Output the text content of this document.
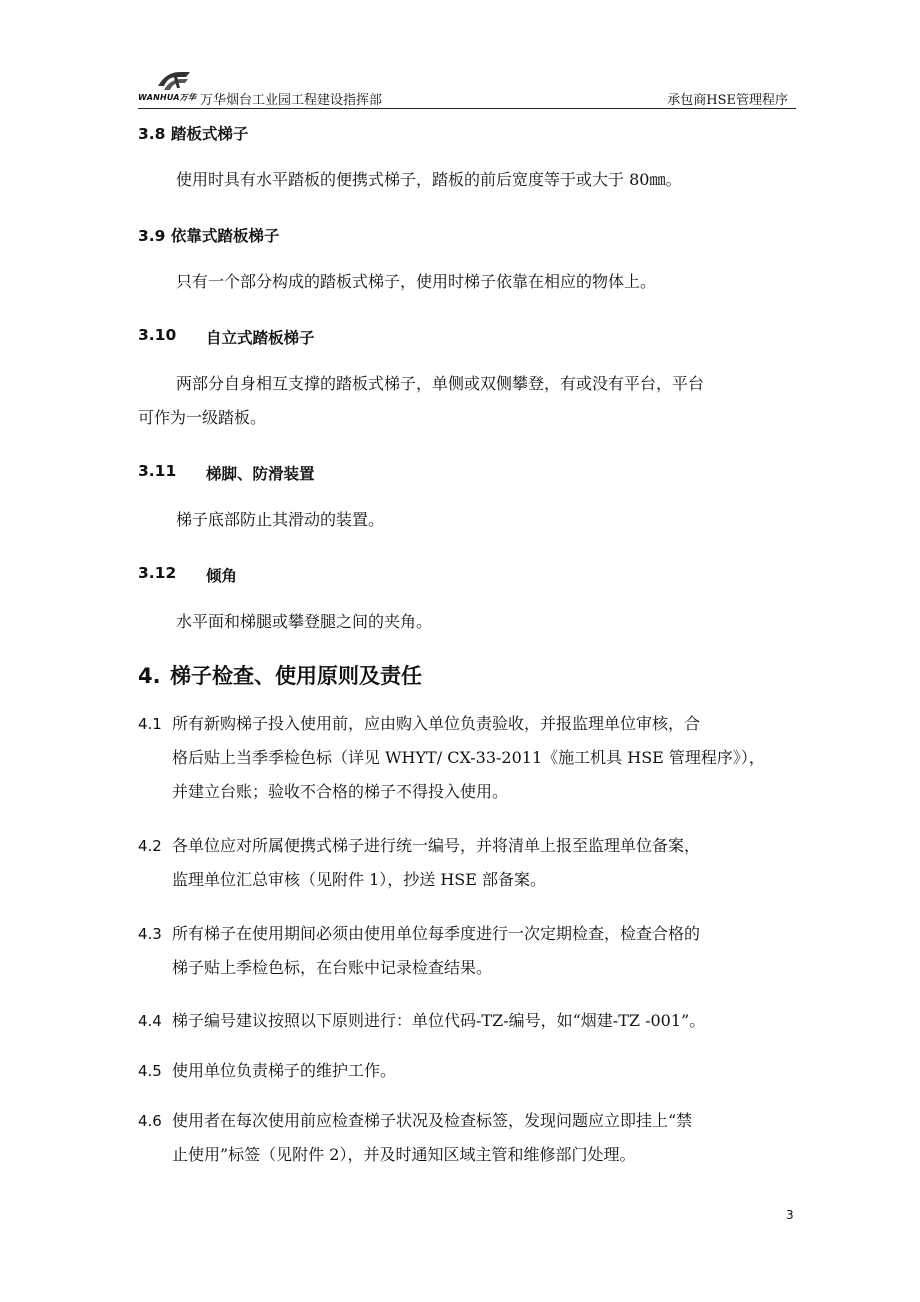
WANHUA万华 万华烟台工业园工程建设指挥部	承包商HSE管理程序
3.8 踏板式梯子
使用时具有水平踏板的便携式梯子，踏板的前后宽度等于或大于 80㎜。
3.9 依靠式踏板梯子
只有一个部分构成的踏板式梯子，使用时梯子依靠在相应的物体上。
3.10 自立式踏板梯子
两部分自身相互支撑的踏板式梯子，单侧或双侧攀登，有或没有平台，平台
可作为一级踏板。
3.11 梯脚、防滑装置
梯子底部防止其滑动的装置。
3.12 倾角
水平面和梯腿或攀登腿之间的夹角。
4. 梯子检查、使用原则及责任
4.1 所有新购梯子投入使用前，应由购入单位负责验收，并报监理单位审核，合
格后贴上当季季检色标（详见 WHYT/ CX-33-2011《施工机具 HSE 管理程序》），
并建立台账；验收不合格的梯子不得投入使用。
4.2 各单位应对所属便携式梯子进行统一编号，并将清单上报至监理单位备案，
监理单位汇总审核（见附件 1），抄送 HSE 部备案。
4.3 所有梯子在使用期间必须由使用单位每季度进行一次定期检查，检查合格的
梯子贴上季检色标，在台账中记录检查结果。
4.4 梯子编号建议按照以下原则进行：单位代码-TZ-编号，如“烟建-TZ -001”。
4.5 使用单位负责梯子的维护工作。
4.6 使用者在每次使用前应检查梯子状况及检查标签，发现问题应立即挂上“禁
止使用”标签（见附件 2），并及时通知区域主管和维修部门处理。
3
